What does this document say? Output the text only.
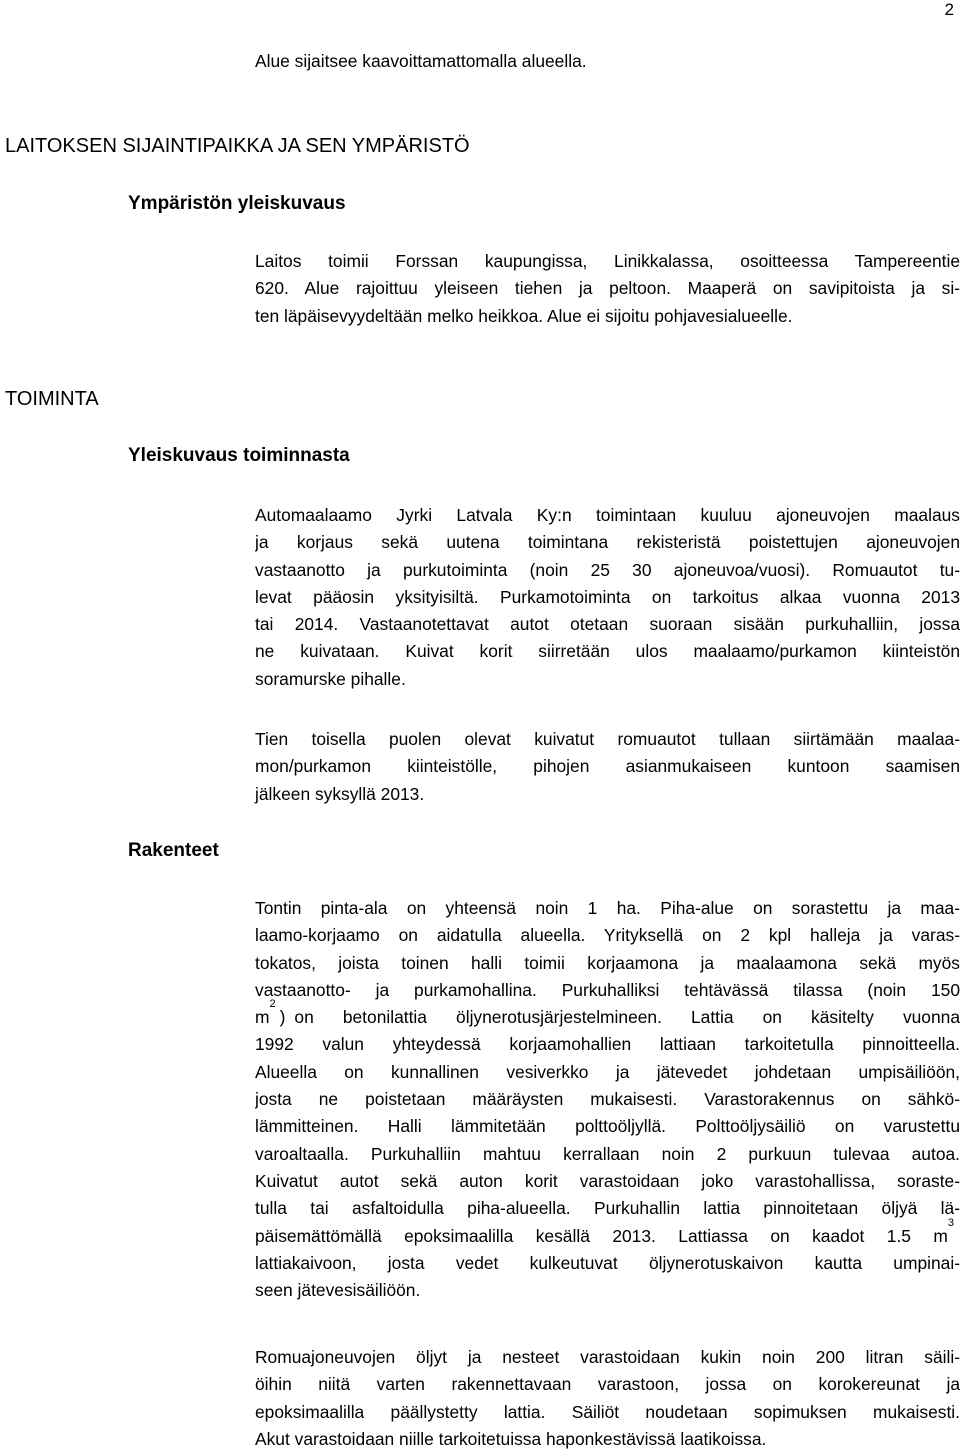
2
Alue sijaitsee kaavoittamattomalla alueella.
LAITOKSEN SIJAINTIPAIKKA JA SEN YMPÄRISTÖ
Ympäristön yleiskuvaus
Laitos toimii Forssan kaupungissa, Linikkalassa, osoitteessa Tampereentie
620. Alue rajoittuu yleiseen tiehen ja peltoon. Maaperä on savipitoista ja si-
ten läpäisevyydeltään melko heikkoa. Alue ei sijoitu pohjavesialueelle.
TOIMINTA
Yleiskuvaus toiminnasta
Automaalaamo Jyrki Latvala Ky:n toimintaan kuuluu ajoneuvojen maalaus
ja korjaus sekä uutena toimintana rekisteristä poistettujen ajoneuvojen
vastaanotto ja purkutoiminta (noin 25 30 ajoneuvoa/vuosi). Romuautot tu-
levat pääosin yksityisiltä. Purkamotoiminta on tarkoitus alkaa vuonna 2013
tai 2014. Vastaanotettavat autot otetaan suoraan sisään purkuhalliin, jossa
ne kuivataan. Kuivat korit siirretään ulos maalaamo/purkamon kiinteistön
soramurske pihalle.
Tien toisella puolen olevat kuivatut romuautot tullaan siirtämään maalaa-
mon/purkamon kiinteistölle, pihojen asianmukaiseen kuntoon saamisen
jälkeen syksyllä 2013.
Rakenteet
Tontin pinta-ala on yhteensä noin 1 ha. Piha-alue on sorastettu ja maa-
laamo-korjaamo on aidatulla alueella. Yrityksellä on 2 kpl halleja ja varas-
tokatos, joista toinen halli toimii korjaamona ja maalaamona sekä myös
vastaanotto- ja purkamohallina. Purkuhalliksi tehtävässä tilassa (noin 150
m
2
) on betonilattia öljynerotusjärjestelmineen. Lattia on käsitelty vuonna
1992 valun yhteydessä korjaamohallien lattiaan tarkoitetulla pinnoitteella.
Alueella on kunnallinen vesiverkko ja jätevedet johdetaan umpisäiliöön,
josta ne poistetaan määräysten mukaisesti. Varastorakennus on sähkö-
lämmitteinen. Halli lämmitetään polttoöljyllä. Polttoöljysäiliö on varustettu
varoaltaalla. Purkuhalliin mahtuu kerrallaan noin 2 purkuun tulevaa autoa.
Kuivatut autot sekä auton korit varastoidaan joko varastohallissa, soraste-
tulla tai asfaltoidulla piha-alueella. Purkuhallin lattia pinnoitetaan öljyä lä-
päisemättömällä epoksimaalilla kesällä 2013. Lattiassa on kaadot 1.5 m
3
lattiakaivoon, josta vedet kulkeutuvat öljynerotuskaivon kautta umpinai-
seen jätevesisäiliöön.
Romuajoneuvojen öljyt ja nesteet varastoidaan kukin noin 200 litran säili-
öihin niitä varten rakennettavaan varastoon, jossa on korokereunat ja
epoksimaalilla päällystetty lattia. Säiliöt noudetaan sopimuksen mukaisesti.
Akut varastoidaan niille tarkoitetuissa haponkestävissä laatikoissa.
